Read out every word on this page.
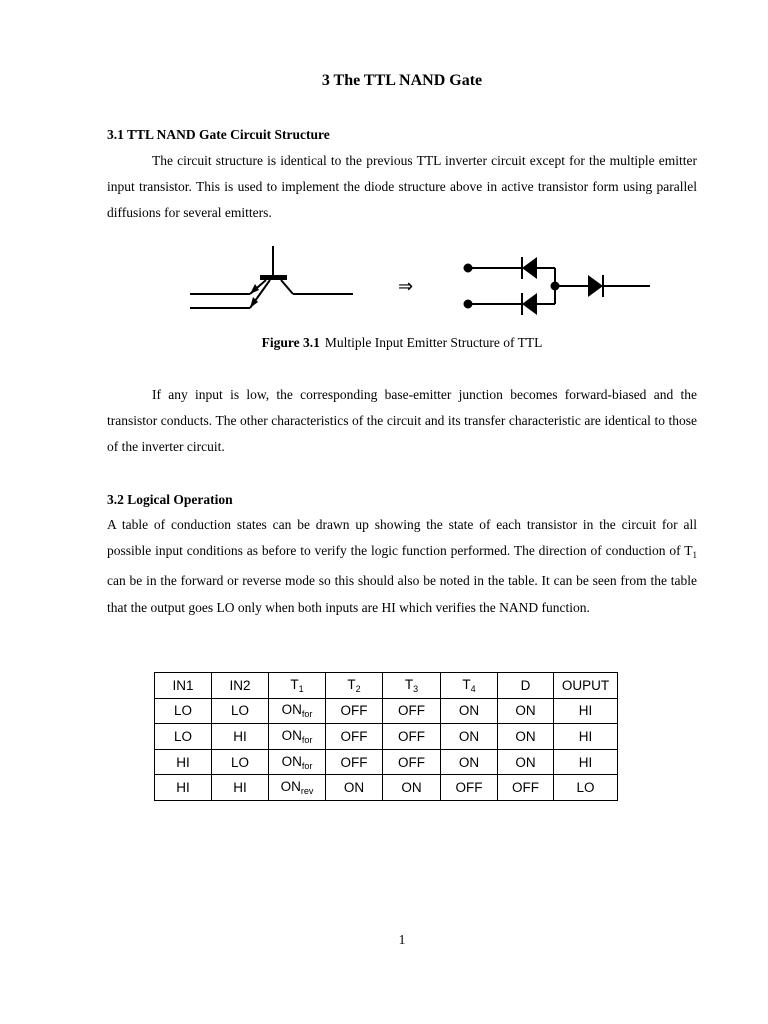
3 The TTL NAND Gate
3.1 TTL NAND Gate Circuit Structure
The circuit structure is identical to the previous TTL inverter circuit except for the multiple emitter input transistor. This is used to implement the diode structure above in active transistor form using parallel diffusions for several emitters.
⇒
Figure 3.1 Multiple Input Emitter Structure of TTL
If any input is low, the corresponding base-emitter junction becomes forward-biased and the transistor conducts. The other characteristics of the circuit and its transfer characteristic are identical to those of the inverter circuit.
3.2 Logical Operation
A table of conduction states can be drawn up showing the state of each transistor in the circuit for all possible input conditions as before to verify the logic function performed. The direction of conduction of $T_1$ can be in the forward or reverse mode so this should also be noted in the table. It can be seen from the table that the output goes LO only when both inputs are HI which verifies the NAND function.
IN1	IN2	$T_1$	$T_2$	$T_3$	$T_4$	D	OUPUT
LO	LO	$ON_{for}$	OFF	OFF	ON	ON	HI
LO	HI	$ON_{for}$	OFF	OFF	ON	ON	HI
HI	LO	$ON_{for}$	OFF	OFF	ON	ON	HI
HI	HI	$ON_{rev}$	ON	ON	OFF	OFF	LO
1
